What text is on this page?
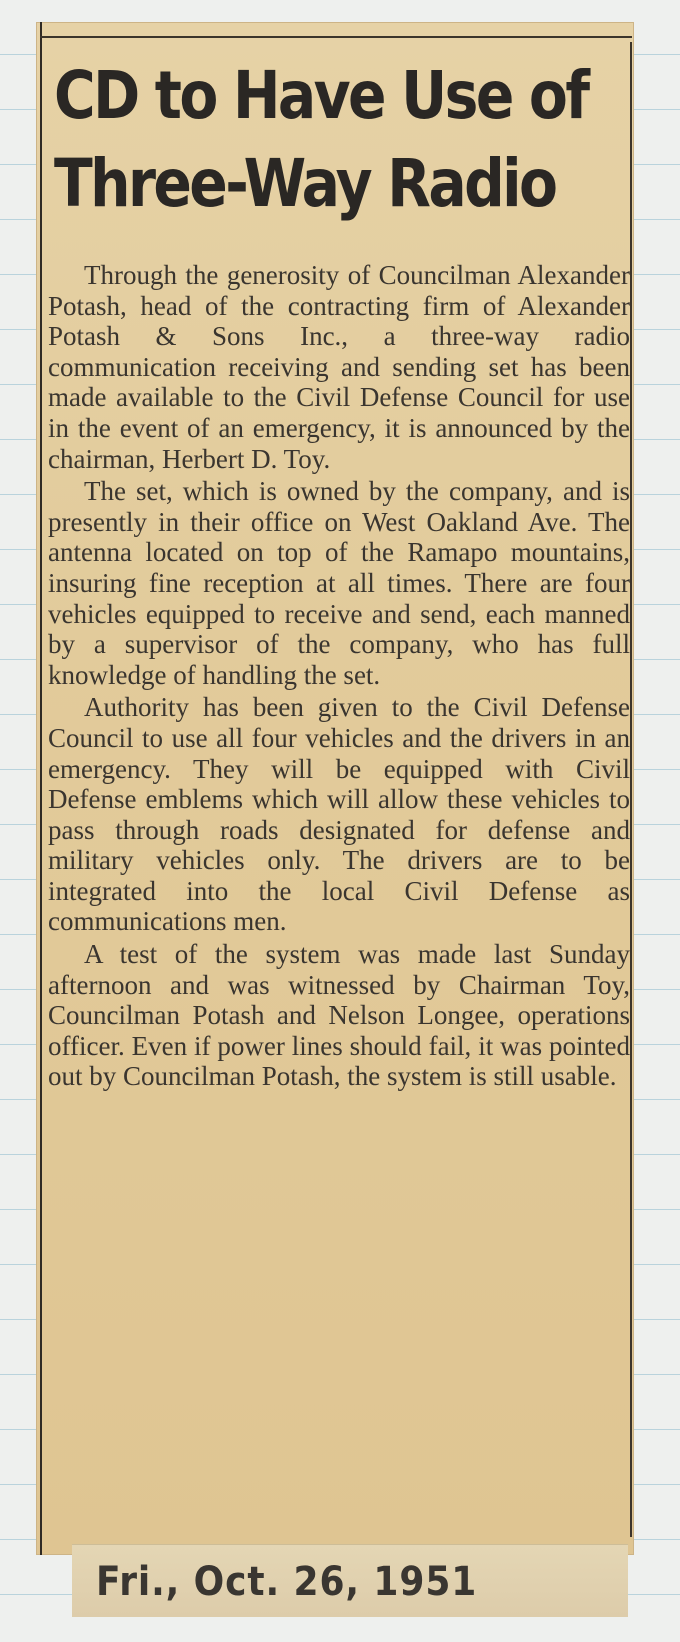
CD to Have Use of
Three-Way Radio

Through the generosity of Councilman Alexander Potash, head of the contracting firm of Alexander Potash & Sons Inc., a three-way radio communication receiving and sending set has been made available to the Civil Defense Council for use in the event of an emergency, it is announced by the chairman, Herbert D. Toy.

The set, which is owned by the company, and is presently in their office on West Oakland Ave. The antenna located on top of the Ramapo mountains, insuring fine reception at all times. There are four vehicles equipped to receive and send, each manned by a supervisor of the company, who has full knowledge of handling the set.

Authority has been given to the Civil Defense Council to use all four vehicles and the drivers in an emergency. They will be equipped with Civil Defense emblems which will allow these vehicles to pass through roads designated for defense and military vehicles only. The drivers are to be integrated into the local Civil Defense as communications men.

A test of the system was made last Sunday afternoon and was witnessed by Chairman Toy, Councilman Potash and Nelson Longee, operations officer. Even if power lines should fail, it was pointed out by Councilman Potash, the system is still usable.

Fri., Oct. 26, 1951
